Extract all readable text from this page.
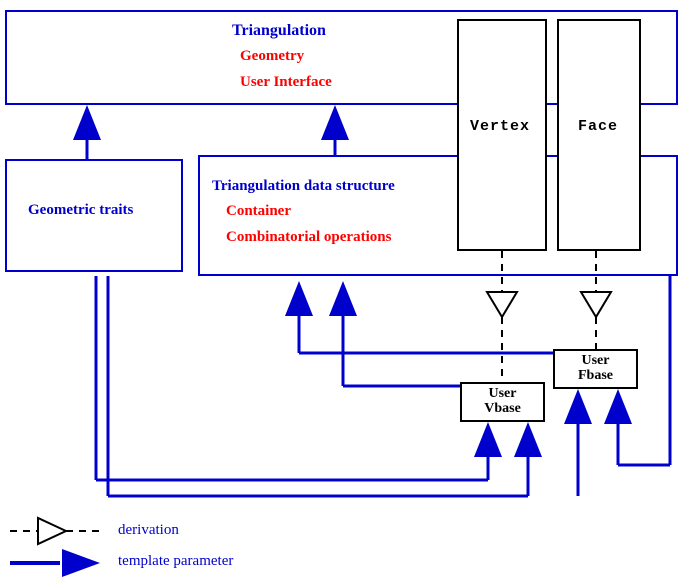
Triangulation
Geometry
User Interface
Geometric traits
Triangulation data structure
Container
Combinatorial operations
Vertex	Face
User
Vbase
User
Fbase
derivation
template parameter
